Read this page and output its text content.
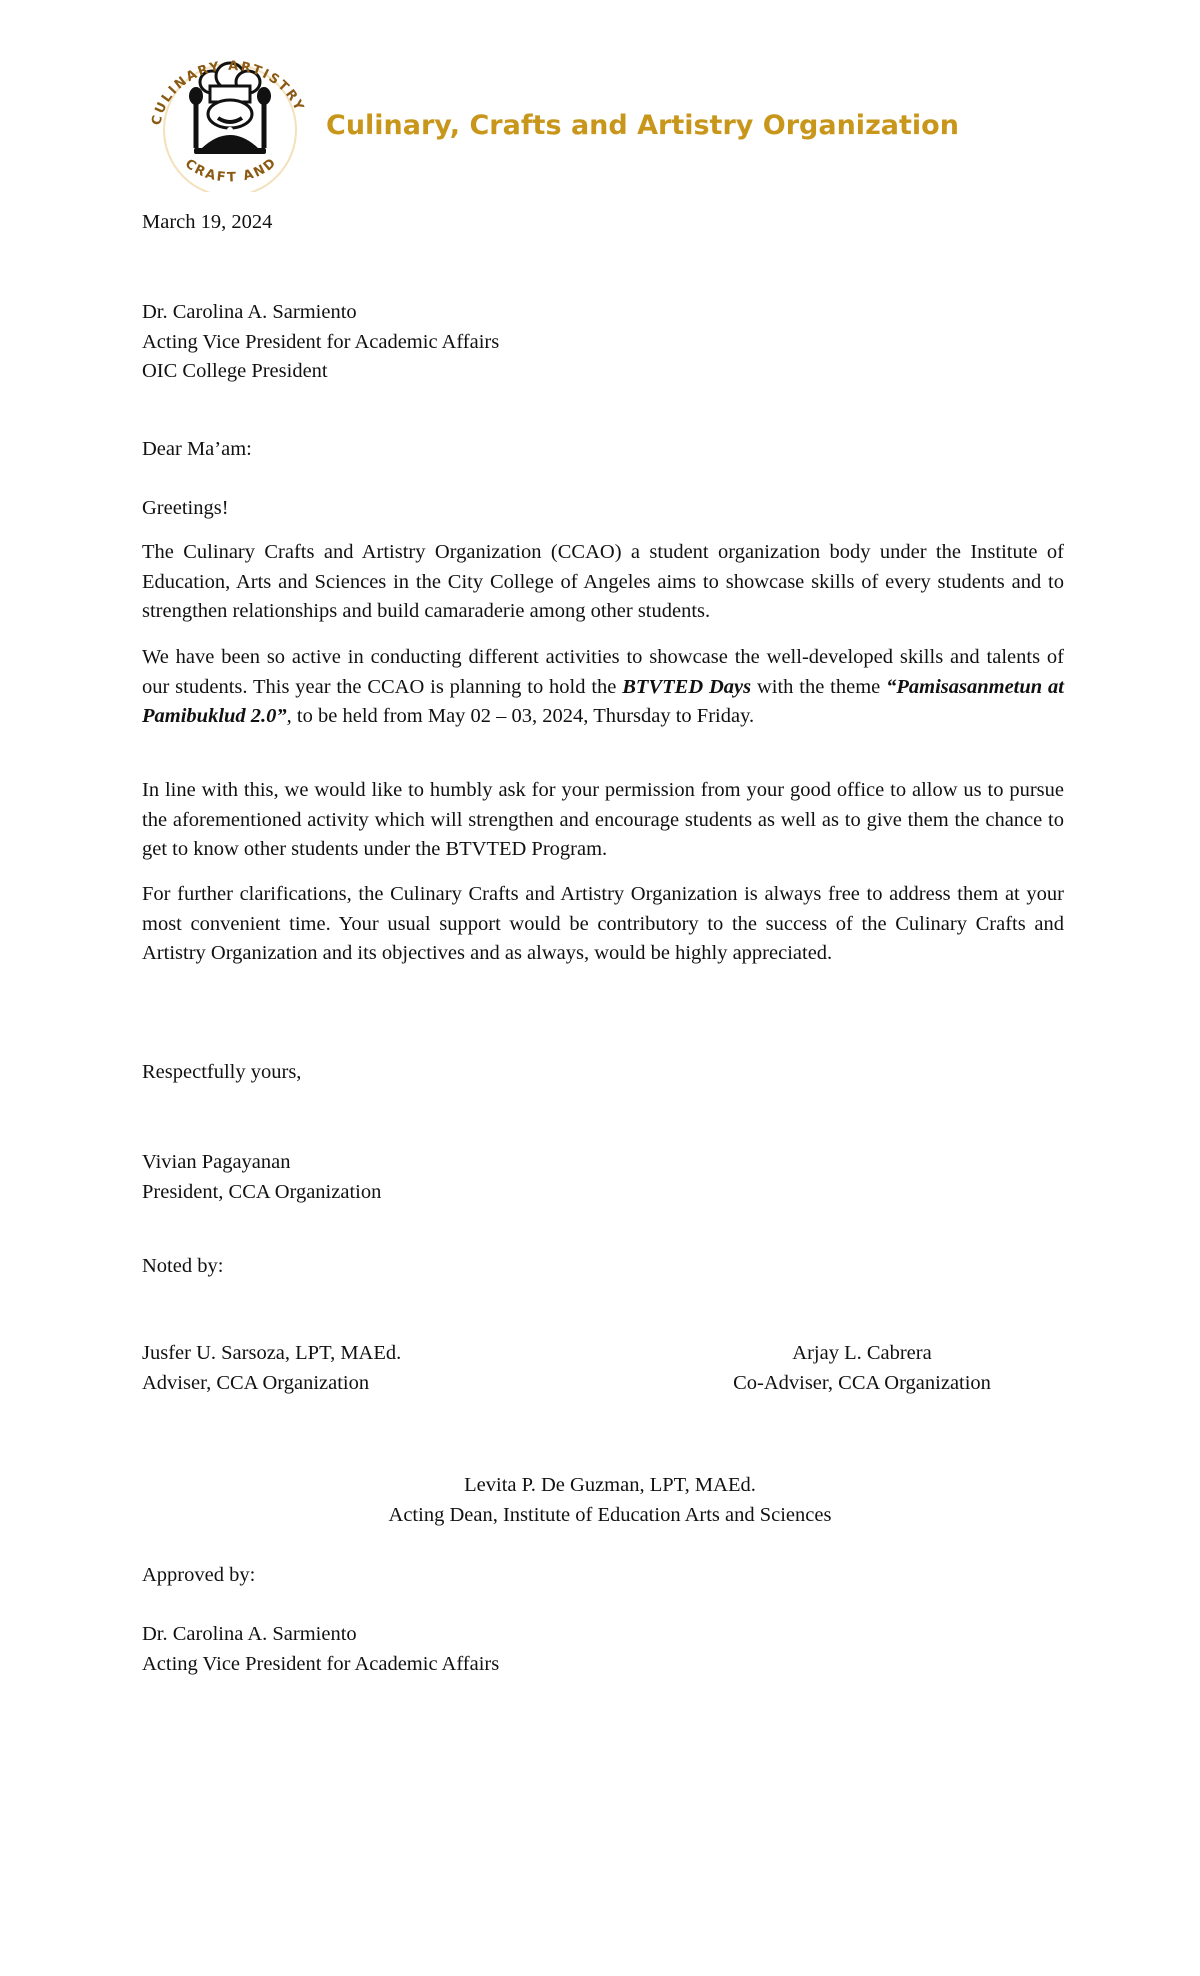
CULINARY ARTISTRY
CRAFT AND
Culinary, Crafts and Artistry Organization
March 19, 2024
Dr. Carolina A. Sarmiento
Acting Vice President for Academic Affairs
OIC College President
Dear Ma’am:
Greetings!

The Culinary Crafts and Artistry Organization (CCAO) a student organization body under the Institute of Education, Arts and Sciences in the City College of Angeles aims to showcase skills of every students and to strengthen relationships and build camaraderie among other students.

We have been so active in conducting different activities to showcase the well-developed skills and talents of our students. This year the CCAO is planning to hold the BTVTED Days with the theme “Pamisasanmetun at Pamibuklud 2.0”, to be held from May 02 – 03, 2024, Thursday to Friday.

In line with this, we would like to humbly ask for your permission from your good office to allow us to pursue the aforementioned activity which will strengthen and encourage students as well as to give them the chance to get to know other students under the BTVTED Program.

For further clarifications, the Culinary Crafts and Artistry Organization is always free to address them at your most convenient time. Your usual support would be contributory to the success of the Culinary Crafts and Artistry Organization and its objectives and as always, would be highly appreciated.

Respectfully yours,
Vivian Pagayanan
President, CCA Organization
Noted by:
Jusfer U. Sarsoza, LPT, MAEd.
Adviser, CCA Organization
Arjay L. Cabrera
Co-Adviser, CCA Organization
Levita P. De Guzman, LPT, MAEd.
Acting Dean, Institute of Education Arts and Sciences
Approved by:
Dr. Carolina A. Sarmiento
Acting Vice President for Academic Affairs
